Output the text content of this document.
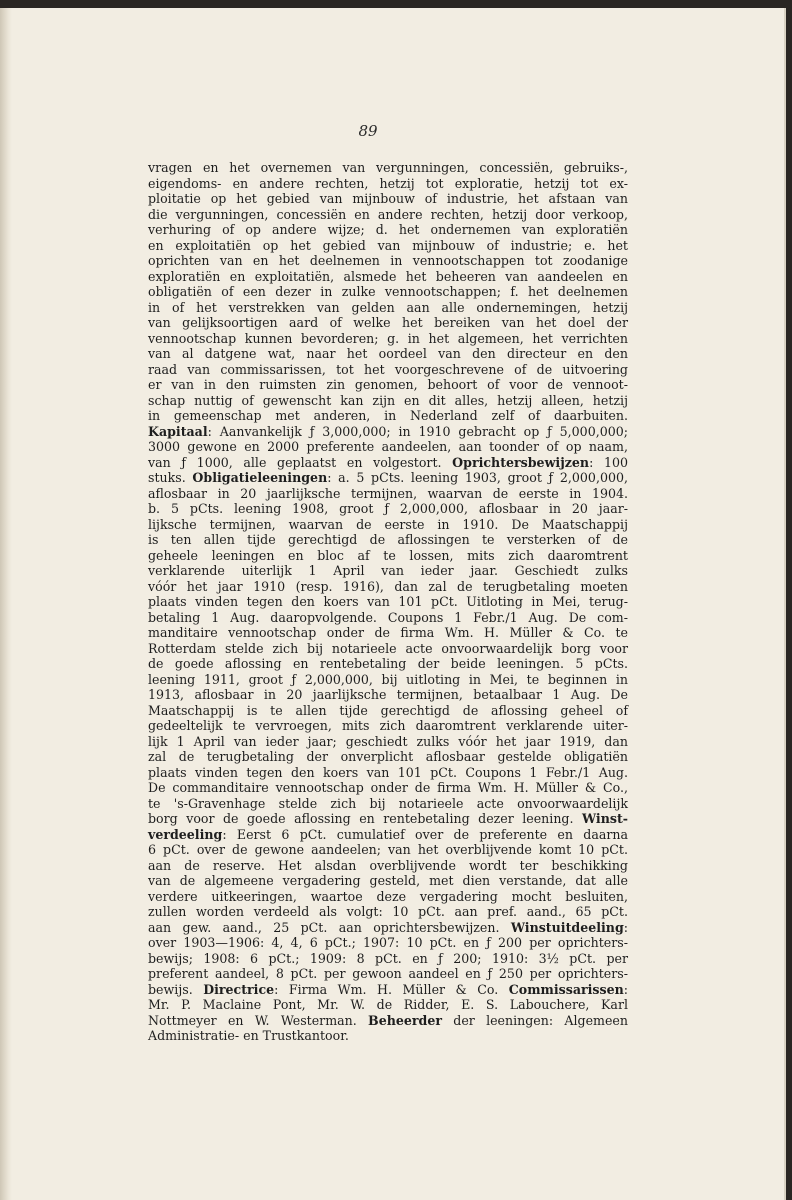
89
vragen en het overnemen van vergunningen, concessiën, gebruiks-,
eigendoms- en andere rechten, hetzij tot exploratie, hetzij tot ex-
ploitatie op het gebied van mijnbouw of industrie, het afstaan van
die vergunningen, concessiën en andere rechten, hetzij door verkoop,
verhuring of op andere wijze; d. het ondernemen van exploratiën
en exploitatiën op het gebied van mijnbouw of industrie; e. het
oprichten van en het deelnemen in vennootschappen tot zoodanige
exploratiën en exploitatiën, alsmede het beheeren van aandeelen en
obligatiën of een dezer in zulke vennootschappen; f. het deelnemen
in of het verstrekken van gelden aan alle ondernemingen, hetzij
van gelijksoortigen aard of welke het bereiken van het doel der
vennootschap kunnen bevorderen; g. in het algemeen, het verrichten
van al datgene wat, naar het oordeel van den directeur en den
raad van commissarissen, tot het voorgeschrevene of de uitvoering
er van in den ruimsten zin genomen, behoort of voor de vennoot-
schap nuttig of gewenscht kan zijn en dit alles, hetzij alleen, hetzij
in gemeenschap met anderen, in Nederland zelf of daarbuiten.
Kapitaal: Aanvankelijk ƒ 3,000,000; in 1910 gebracht op ƒ 5,000,000;
3000 gewone en 2000 preferente aandeelen, aan toonder of op naam,
van ƒ 1000, alle geplaatst en volgestort. Oprichtersbewijzen: 100
stuks. Obligatieleeningen: a. 5 pCts. leening 1903, groot ƒ 2,000,000,
aflosbaar in 20 jaarlijksche termijnen, waarvan de eerste in 1904.
b. 5 pCts. leening 1908, groot ƒ 2,000,000, aflosbaar in 20 jaar-
lijksche termijnen, waarvan de eerste in 1910. De Maatschappij
is ten allen tijde gerechtigd de aflossingen te versterken of de
geheele leeningen en bloc af te lossen, mits zich daaromtrent
verklarende uiterlijk 1 April van ieder jaar. Geschiedt zulks
vóór het jaar 1910 (resp. 1916), dan zal de terugbetaling moeten
plaats vinden tegen den koers van 101 pCt. Uitloting in Mei, terug-
betaling 1 Aug. daaropvolgende. Coupons 1 Febr./1 Aug. De com-
manditaire vennootschap onder de firma Wm. H. Müller & Co. te
Rotterdam stelde zich bij notarieele acte onvoorwaardelijk borg voor
de goede aflossing en rentebetaling der beide leeningen. 5 pCts.
leening 1911, groot ƒ 2,000,000, bij uitloting in Mei, te beginnen in
1913, aflosbaar in 20 jaarlijksche termijnen, betaalbaar 1 Aug. De
Maatschappij is te allen tijde gerechtigd de aflossing geheel of
gedeeltelijk te vervroegen, mits zich daaromtrent verklarende uiter-
lijk 1 April van ieder jaar; geschiedt zulks vóór het jaar 1919, dan
zal de terugbetaling der onverplicht aflosbaar gestelde obligatiën
plaats vinden tegen den koers van 101 pCt. Coupons 1 Febr./1 Aug.
De commanditaire vennootschap onder de firma Wm. H. Müller & Co.,
te 's-Gravenhage stelde zich bij notarieele acte onvoorwaardelijk
borg voor de goede aflossing en rentebetaling dezer leening. Winst-
verdeeling: Eerst 6 pCt. cumulatief over de preferente en daarna
6 pCt. over de gewone aandeelen; van het overblijvende komt 10 pCt.
aan de reserve. Het alsdan overblijvende wordt ter beschikking
van de algemeene vergadering gesteld, met dien verstande, dat alle
verdere uitkeeringen, waartoe deze vergadering mocht besluiten,
zullen worden verdeeld als volgt: 10 pCt. aan pref. aand., 65 pCt.
aan gew. aand., 25 pCt. aan oprichtersbewijzen. Winstuitdeeling:
over 1903—1906: 4, 4, 6 pCt.; 1907: 10 pCt. en ƒ 200 per oprichters-
bewijs; 1908: 6 pCt.; 1909: 8 pCt. en ƒ 200; 1910: 3½ pCt. per
preferent aandeel, 8 pCt. per gewoon aandeel en ƒ 250 per oprichters-
bewijs. Directrice: Firma Wm. H. Müller & Co. Commissarissen:
Mr. P. Maclaine Pont, Mr. W. de Ridder, E. S. Labouchere, Karl
Nottmeyer en W. Westerman. Beheerder der leeningen: Algemeen
Administratie- en Trustkantoor.
